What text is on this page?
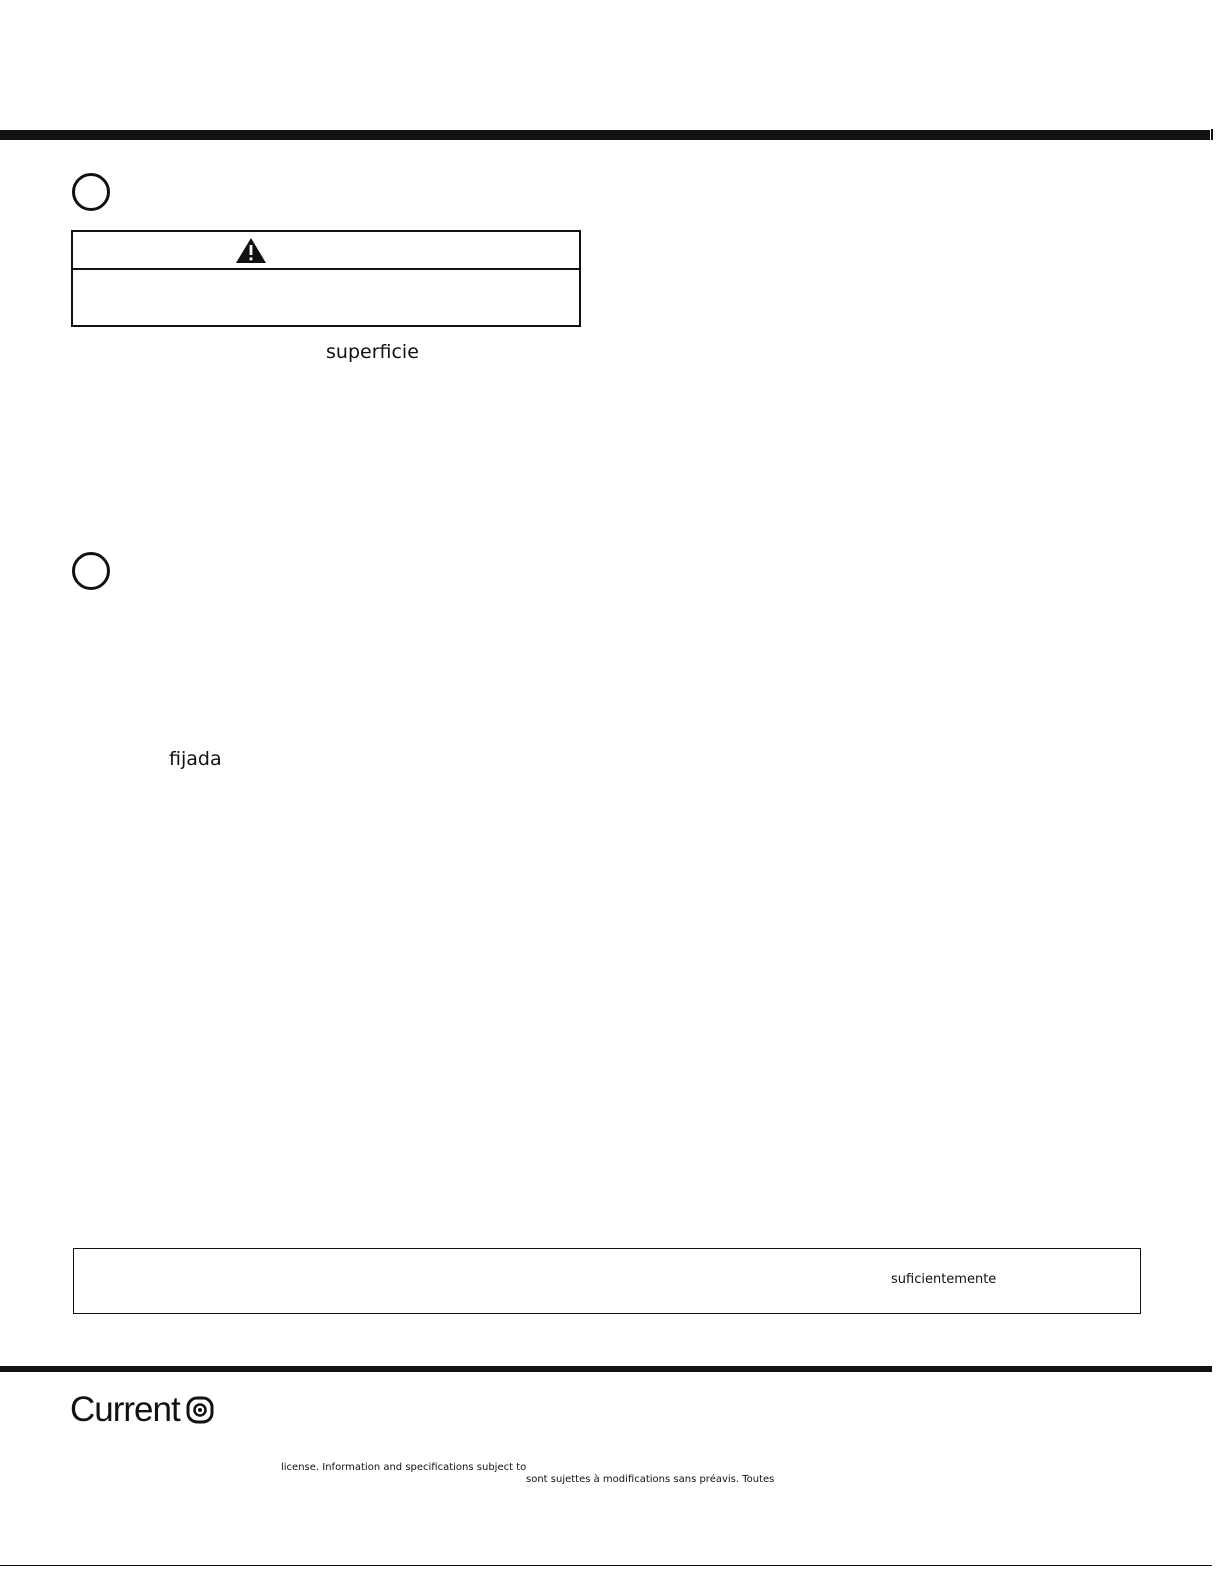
superficie
fijada
suficientemente
Current
license. Information and specifications subject to
sont sujettes à modifications sans préavis. Toutes
